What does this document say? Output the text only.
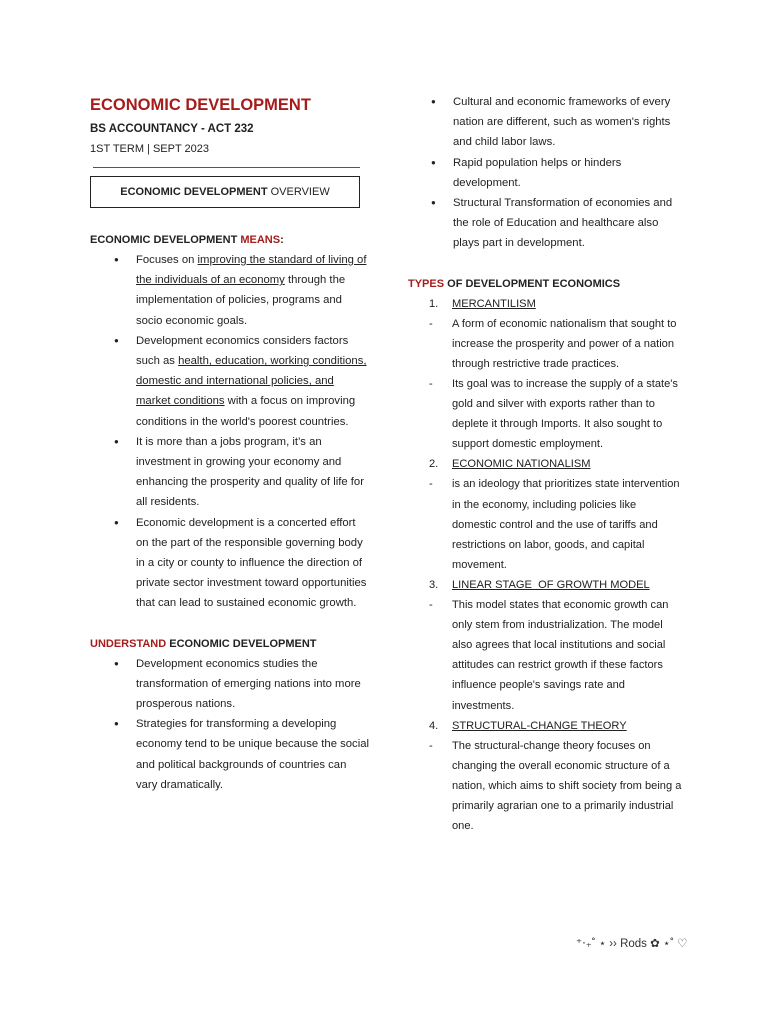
ECONOMIC DEVELOPMENT
BS ACCOUNTANCY - ACT 232
1ST TERM | SEPT 2023
ECONOMIC DEVELOPMENT OVERVIEW
ECONOMIC DEVELOPMENT MEANS:
● Focuses on improving the standard of living of the individuals of an economy through the implementation of policies, programs and socio economic goals.
● Development economics considers factors such as health, education, working conditions, domestic and international policies, and market conditions with a focus on improving conditions in the world's poorest countries.
● It is more than a jobs program, it’s an investment in growing your economy and enhancing the prosperity and quality of life for all residents.
● Economic development is a concerted effort on the part of the responsible governing body in a city or county to influence the direction of private sector investment toward opportunities that can lead to sustained economic growth.
UNDERSTAND ECONOMIC DEVELOPMENT
● Development economics studies the transformation of emerging nations into more prosperous nations.
● Strategies for transforming a developing economy tend to be unique because the social and political backgrounds of countries can vary dramatically.
● Cultural and economic frameworks of every nation are different, such as women's rights and child labor laws.
● Rapid population helps or hinders development.
● Structural Transformation of economies and the role of Education and healthcare also plays part in development.
TYPES OF DEVELOPMENT ECONOMICS
1. MERCANTILISM
- A form of economic nationalism that sought to increase the prosperity and power of a nation through restrictive trade practices.
- Its goal was to increase the supply of a state's gold and silver with exports rather than to deplete it through Imports. It also sought to support domestic employment.
2. ECONOMIC NATIONALISM
- is an ideology that prioritizes state intervention in the economy, including policies like domestic control and the use of tariffs and restrictions on labor, goods, and capital movement.
3. LINEAR STAGE  OF GROWTH MODEL
- This model states that economic growth can only stem from industrialization. The model also agrees that local institutions and social attitudes can restrict growth if these factors influence people's savings rate and investments.
4. STRUCTURAL-CHANGE THEORY
- The structural-change theory focuses on changing the overall economic structure of a nation, which aims to shift society from being a primarily agrarian one to a primarily industrial one.
⁺‧₊˚ ⋆ ›› Rods ✿ ⋆˚ ♡
